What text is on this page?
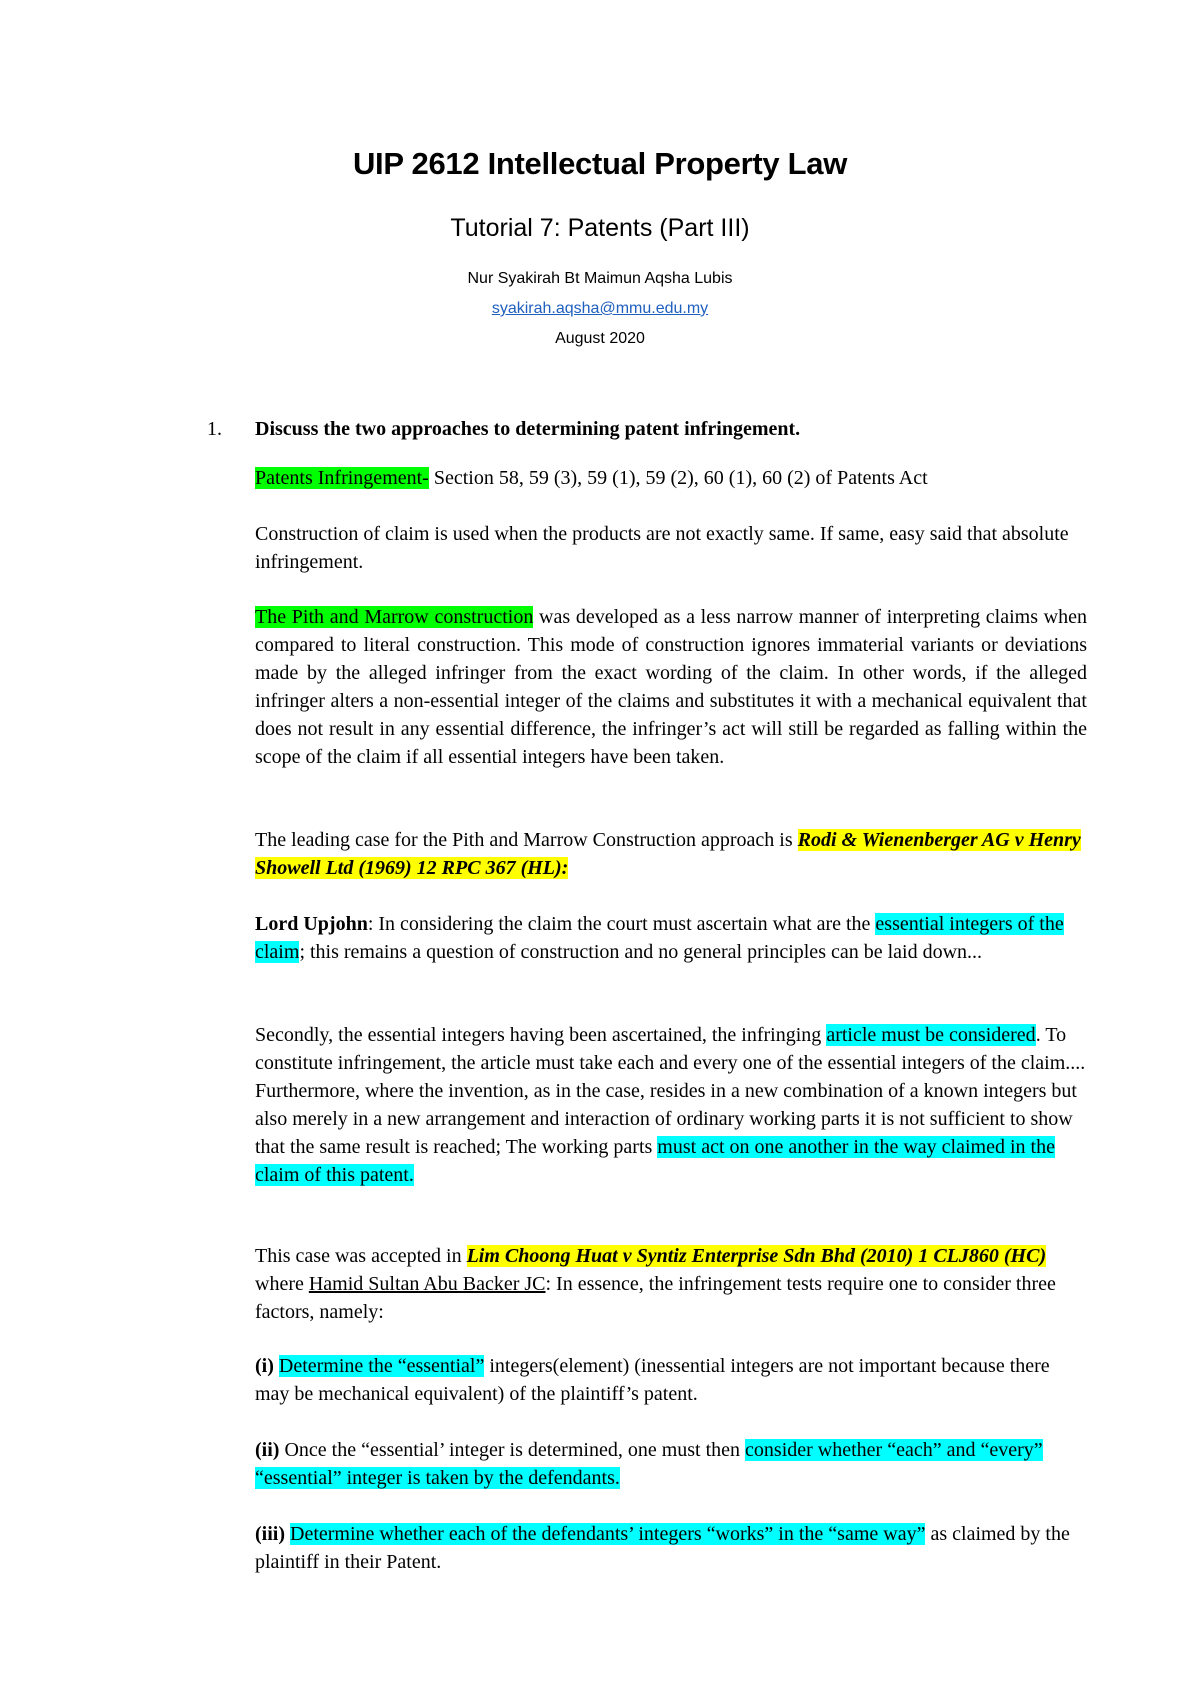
UIP 2612 Intellectual Property Law
Tutorial 7: Patents (Part III)
Nur Syakirah Bt Maimun Aqsha Lubis
syakirah.aqsha@mmu.edu.my
August 2020
1. Discuss the two approaches to determining patent infringement.
Patents Infringement- Section 58, 59 (3), 59 (1), 59 (2), 60 (1), 60 (2) of Patents Act
Construction of claim is used when the products are not exactly same. If same, easy said that absolute infringement.
The Pith and Marrow construction was developed as a less narrow manner of interpreting claims when compared to literal construction. This mode of construction ignores immaterial variants or deviations made by the alleged infringer from the exact wording of the claim. In other words, if the alleged infringer alters a non-essential integer of the claims and substitutes it with a mechanical equivalent that does not result in any essential difference, the infringer’s act will still be regarded as falling within the scope of the claim if all essential integers have been taken.
The leading case for the Pith and Marrow Construction approach is Rodi & Wienenberger AG v Henry Showell Ltd (1969) 12 RPC 367 (HL):
Lord Upjohn: In considering the claim the court must ascertain what are the essential integers of the claim; this remains a question of construction and no general principles can be laid down...
Secondly, the essential integers having been ascertained, the infringing article must be considered. To constitute infringement, the article must take each and every one of the essential integers of the claim.... Furthermore, where the invention, as in the case, resides in a new combination of a known integers but also merely in a new arrangement and interaction of ordinary working parts it is not sufficient to show that the same result is reached; The working parts must act on one another in the way claimed in the claim of this patent.
This case was accepted in Lim Choong Huat v Syntiz Enterprise Sdn Bhd (2010) 1 CLJ860 (HC) where Hamid Sultan Abu Backer JC: In essence, the infringement tests require one to consider three factors, namely:
(i) Determine the “essential” integers(element) (inessential integers are not important because there may be mechanical equivalent) of the plaintiff’s patent.
(ii) Once the “essential’ integer is determined, one must then consider whether “each” and “every” “essential” integer is taken by the defendants.
(iii) Determine whether each of the defendants’ integers “works” in the “same way” as claimed by the plaintiff in their Patent.
